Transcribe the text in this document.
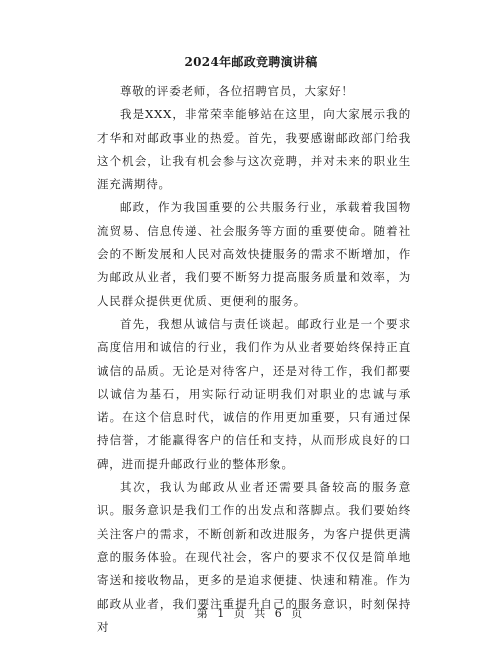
2024年邮政竞聘演讲稿

尊敬的评委老师，各位招聘官员，大家好！

我是XXX，非常荣幸能够站在这里，向大家展示我的才华和对邮政事业的热爱。首先，我要感谢邮政部门给我这个机会，让我有机会参与这次竞聘，并对未来的职业生涯充满期待。

邮政，作为我国重要的公共服务行业，承载着我国物流贸易、信息传递、社会服务等方面的重要使命。随着社会的不断发展和人民对高效快捷服务的需求不断增加，作为邮政从业者，我们要不断努力提高服务质量和效率，为人民群众提供更优质、更便利的服务。

首先，我想从诚信与责任谈起。邮政行业是一个要求高度信用和诚信的行业，我们作为从业者要始终保持正直诚信的品质。无论是对待客户，还是对待工作，我们都要以诚信为基石，用实际行动证明我们对职业的忠诚与承诺。在这个信息时代，诚信的作用更加重要，只有通过保持信誉，才能赢得客户的信任和支持，从而形成良好的口碑，进而提升邮政行业的整体形象。

其次，我认为邮政从业者还需要具备较高的服务意识。服务意识是我们工作的出发点和落脚点。我们要始终关注客户的需求，不断创新和改进服务，为客户提供更满意的服务体验。在现代社会，客户的要求不仅仅是简单地寄送和接收物品，更多的是追求便捷、快速和精准。作为邮政从业者，我们要注重提升自己的服务意识，时刻保持对

第 1 页 共 6 页
